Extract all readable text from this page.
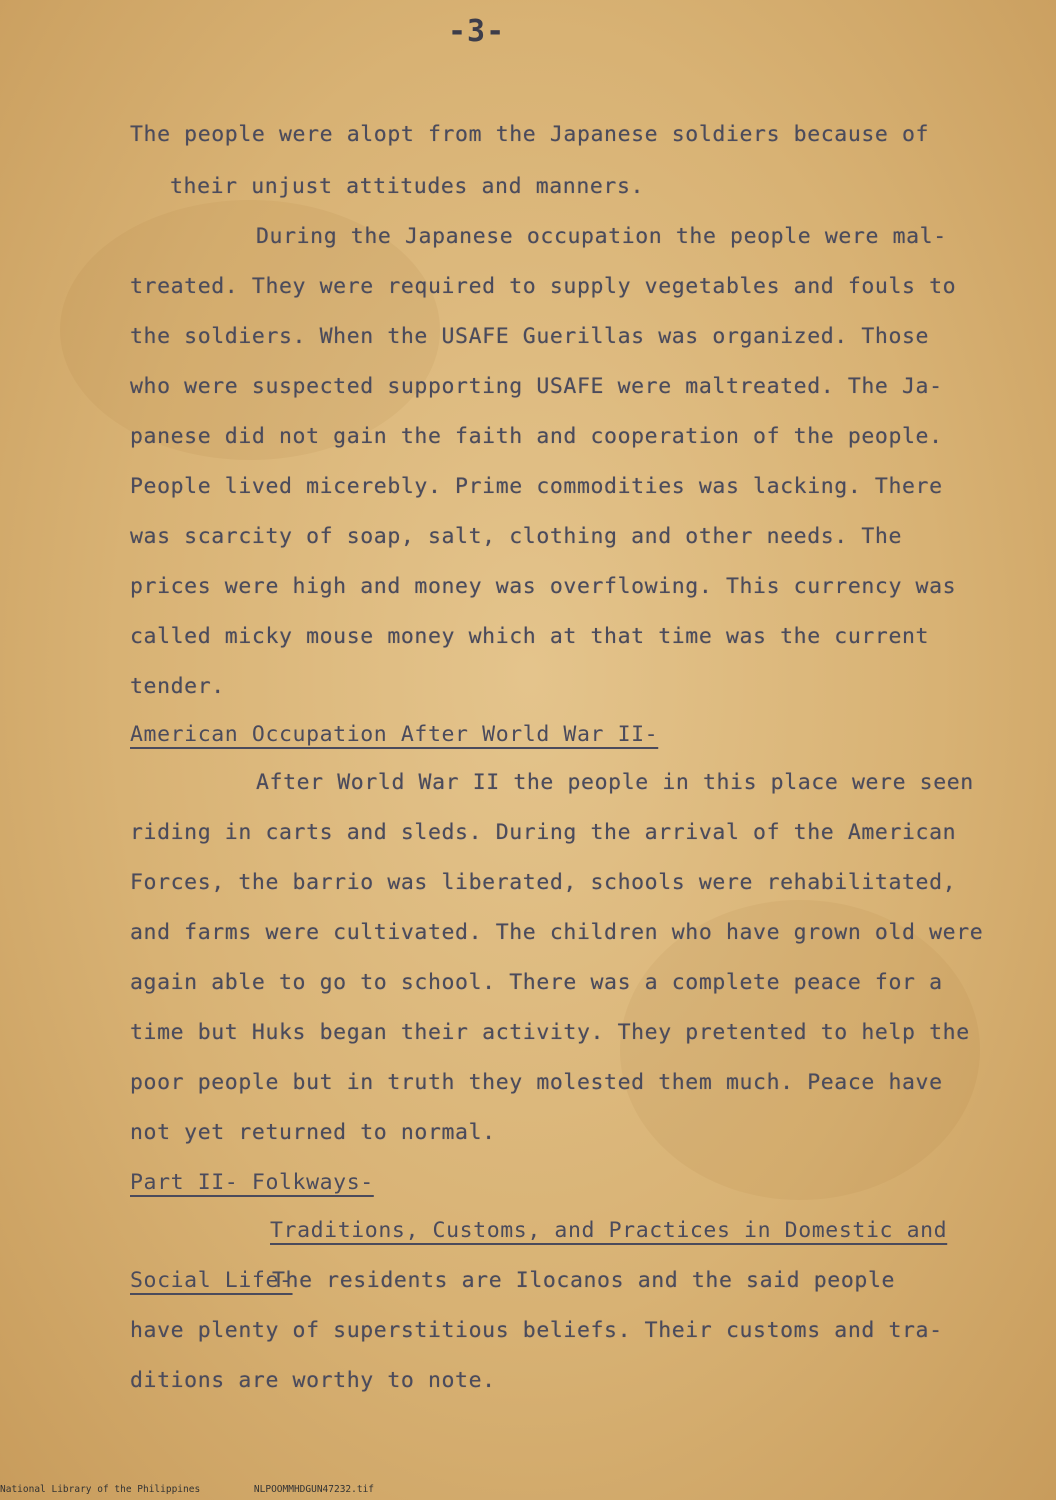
-3-
The people were alopt from the Japanese soldiers because of
their unjust attitudes and manners.
During the Japanese occupation the people were mal-
treated. They were required to supply vegetables and fouls to
the soldiers. When the USAFE Guerillas was organized. Those
who were suspected supporting USAFE were maltreated. The Ja-
panese did not gain the faith and cooperation of the people.
People lived micerebly. Prime commodities was lacking. There
was scarcity of soap, salt, clothing and other needs. The
prices were high and money was overflowing. This currency was
called micky mouse money which at that time was the current
tender.
American Occupation After World War II-
After World War II the people in this place were seen
riding in carts and sleds. During the arrival of the American
Forces, the barrio was liberated, schools were rehabilitated,
and farms were cultivated. The children who have grown old were
again able to go to school. There was a complete peace for a
time but Huks began their activity. They pretented to help the
poor people but in truth they molested them much. Peace have
not yet returned to normal.
Part II- Folkways-
Traditions, Customs, and Practices in Domestic and
Social Life-
The residents are Ilocanos and the said people
have plenty of superstitious beliefs. Their customs and tra-
ditions are worthy to note.
National Library of the Philippines	NLPOOMMHDGUN47232.tif
